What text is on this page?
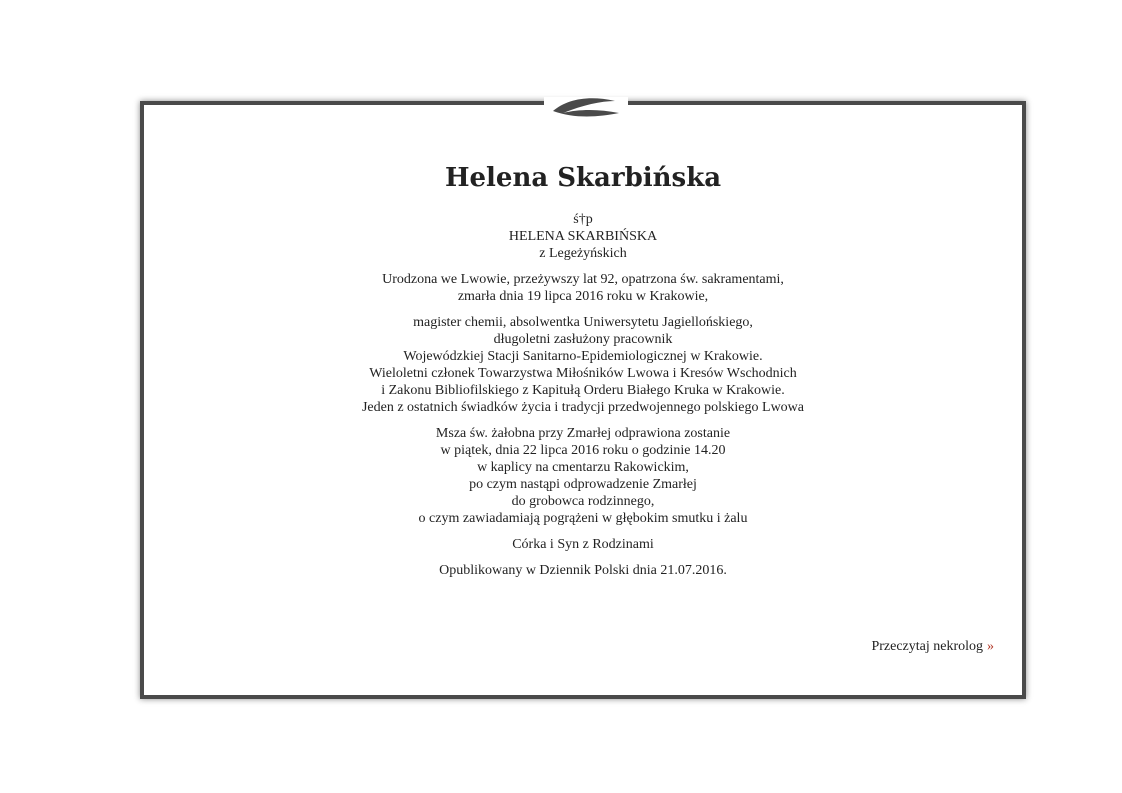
Helena Skarbińska
ś†p
HELENA SKARBIŃSKA
z Legeżyńskich
Urodzona we Lwowie, przeżywszy lat 92, opatrzona św. sakramentami,
zmarła dnia 19 lipca 2016 roku w Krakowie,
magister chemii, absolwentka Uniwersytetu Jagiellońskiego,
długoletni zasłużony pracownik
Wojewódzkiej Stacji Sanitarno-Epidemiologicznej w Krakowie.
Wieloletni członek Towarzystwa Miłośników Lwowa i Kresów Wschodnich
i Zakonu Bibliofilskiego z Kapitułą Orderu Białego Kruka w Krakowie.
Jeden z ostatnich świadków życia i tradycji przedwojennego polskiego Lwowa
Msza św. żałobna przy Zmarłej odprawiona zostanie
w piątek, dnia 22 lipca 2016 roku o godzinie 14.20
w kaplicy na cmentarzu Rakowickim,
po czym nastąpi odprowadzenie Zmarłej
do grobowca rodzinnego,
o czym zawiadamiają pogrążeni w głębokim smutku i żalu
Córka i Syn z Rodzinami
Opublikowany w Dziennik Polski dnia 21.07.2016.
Przeczytaj nekrolog »
